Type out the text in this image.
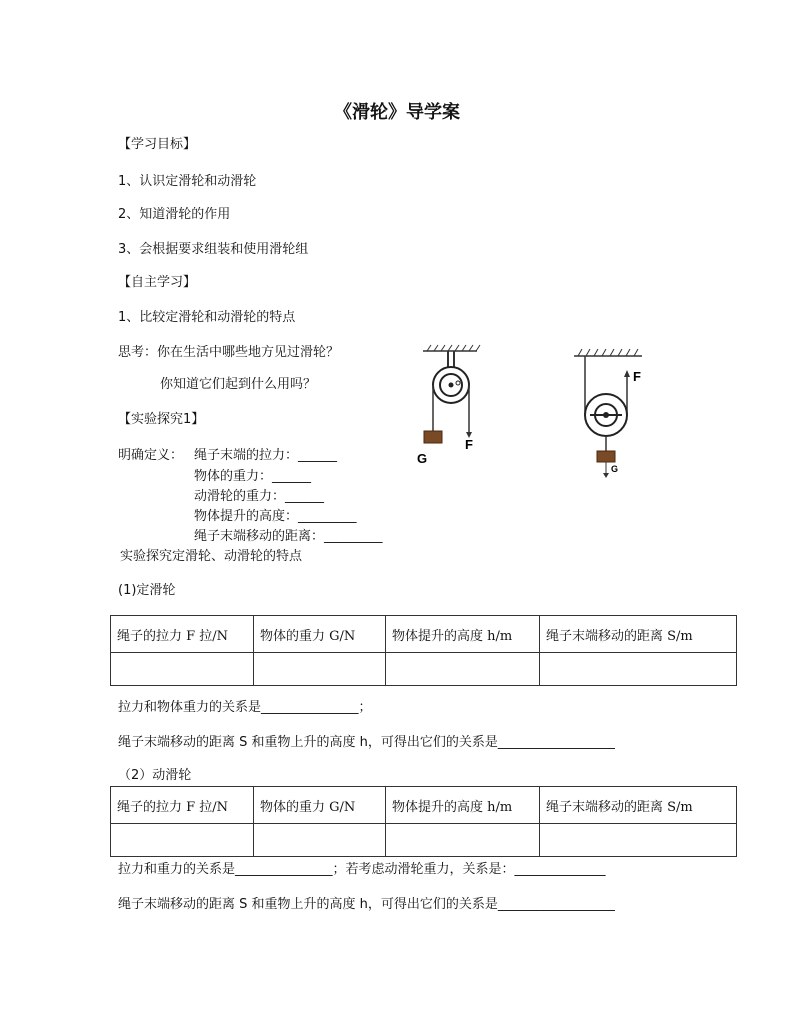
《滑轮》导学案
【学习目标】
1、认识定滑轮和动滑轮
2、知道滑轮的作用
3、会根据要求组装和使用滑轮组
【自主学习】
1、比较定滑轮和动滑轮的特点
思考：你在生活中哪些地方见过滑轮？
你知道它们起到什么用吗？
【实验探究1】
明确定义： 绳子末端的拉力：______
物体的重力：______
动滑轮的重力：______
物体提升的高度：_________
绳子末端移动的距离：_________
实验探究定滑轮、动滑轮的特点
(1)定滑轮
绳子的拉力 F 拉/N	物体的重力 G/N	物体提升的高度 h/m	绳子末端移动的距离 S/m

拉力和物体重力的关系是_______________；
绳子末端移动的距离 S 和重物上升的高度 h，可得出它们的关系是__________________
（2）动滑轮
绳子的拉力 F 拉/N	物体的重力 G/N	物体提升的高度 h/m	绳子末端移动的距离 S/m

拉力和重力的关系是_______________；若考虑动滑轮重力，关系是：______________
绳子末端移动的距离 S 和重物上升的高度 h，可得出它们的关系是__________________
G
F
F
G
